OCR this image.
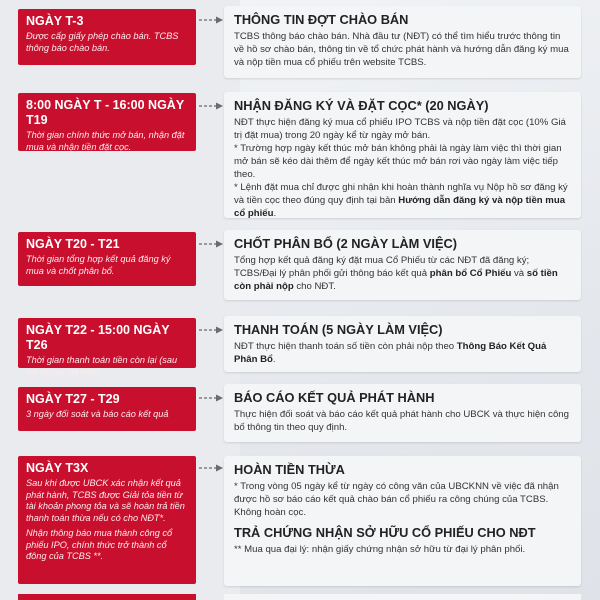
NGÀY T-3
Được cấp giấy phép chào bán. TCBS thông báo chào bán.
THÔNG TIN ĐỢT CHÀO BÁN
TCBS thông báo chào bán. Nhà đầu tư (NĐT) có thể tìm hiểu trước thông tin về hồ sơ chào bán, thông tin về tổ chức phát hành và hướng dẫn đăng ký mua và nộp tiền mua cổ phiếu trên website TCBS.
8:00 NGÀY T - 16:00 NGÀY T19
Thời gian chính thức mở bán, nhận đặt mua và nhận tiền đặt cọc.
NHẬN ĐĂNG KÝ VÀ ĐẶT CỌC* (20 NGÀY)
NĐT thực hiện đăng ký mua cổ phiếu IPO TCBS và nộp tiền đặt cọc (10% Giá trị đặt mua) trong 20 ngày kể từ ngày mở bán.
* Trường hợp ngày kết thúc mở bán không phải là ngày làm việc thì thời gian mở bán sẽ kéo dài thêm để ngày kết thúc mở bán rơi vào ngày làm việc tiếp theo.
* Lệnh đặt mua chỉ được ghi nhận khi hoàn thành nghĩa vụ Nộp hồ sơ đăng ký và tiền cọc theo đúng quy định tại bản Hướng dẫn đăng ký và nộp tiền mua cổ phiếu.
NGÀY T20 - T21
Thời gian tổng hợp kết quả đăng ký mua và chốt phân bổ.
CHỐT PHÂN BỔ (2 NGÀY LÀM VIỆC)
Tổng hợp kết quả đăng ký đặt mua Cổ Phiếu từ các NĐT đã đăng ký;
TCBS/Đại lý phân phối gửi thông báo kết quả phân bổ Cổ Phiếu và số tiền còn phải nộp cho NĐT.
NGÀY T22 - 15:00 NGÀY T26
Thời gian thanh toán tiền còn lại (sau khi từ cọc đã nộp).
THANH TOÁN (5 NGÀY LÀM VIỆC)
NĐT thực hiện thanh toán số tiền còn phải nộp theo Thông Báo Kết Quả Phân Bổ.
NGÀY T27 - T29
3 ngày đối soát và báo cáo kết quả
BÁO CÁO KẾT QUẢ PHÁT HÀNH
Thực hiện đối soát và báo cáo kết quả phát hành cho UBCK và thực hiện công bố thông tin theo quy định.
NGÀY T3X
Sau khi được UBCK xác nhận kết quả phát hành, TCBS được Giải tỏa tiền từ tài khoản phong tỏa và sẽ hoàn trả tiền thanh toán thừa nếu có cho NĐT*.
Nhận thông báo mua thành công cổ phiếu IPO, chính thức trở thành cổ đông của TCBS **.
HOÀN TIỀN THỪA
* Trong vòng 05 ngày kể từ ngày có công văn của UBCKNN về việc đã nhận được hồ sơ báo cáo kết quả chào bán cổ phiếu ra công chúng của TCBS. Không hoàn cọc.
TRẢ CHỨNG NHẬN SỞ HỮU CỔ PHIẾU CHO NĐT
** Mua qua đại lý: nhận giấy chứng nhận sở hữu từ đại lý phân phối.
